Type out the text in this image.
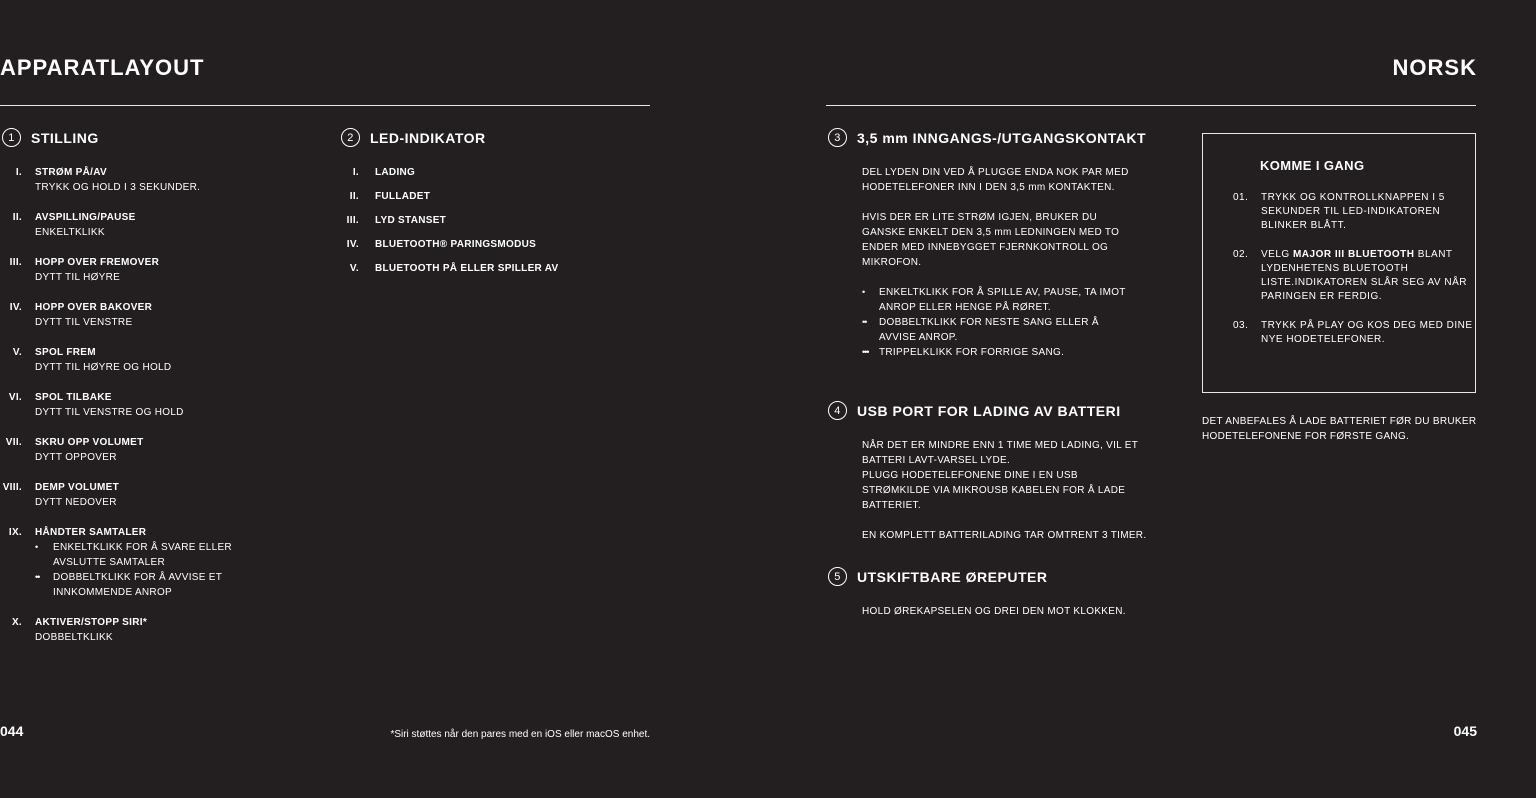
APPARATLAYOUT
1	STILLING
I. STRØM PÅ/AV
TRYKK OG HOLD I 3 SEKUNDER.
II. AVSPILLING/PAUSE
ENKELTKLIKK
III. HOPP OVER FREMOVER
DYTT TIL HØYRE
IV. HOPP OVER BAKOVER
DYTT TIL VENSTRE
V. SPOL FREM
DYTT TIL HØYRE OG HOLD
VI. SPOL TILBAKE
DYTT TIL VENSTRE OG HOLD
VII. SKRU OPP VOLUMET
DYTT OPPOVER
VIII. DEMP VOLUMET
DYTT NEDOVER
IX. HÅNDTER SAMTALER
• ENKELTKLIKK FOR Å SVARE ELLER AVSLUTTE SAMTALER
•• DOBBELTKLIKK FOR Å AVVISE ET INNKOMMENDE ANROP
X. AKTIVER/STOPP SIRI*
DOBBELTKLIKK
2	LED-INDIKATOR
I. LADING
II. FULLADET
III. LYD STANSET
IV. BLUETOOTH® PARINGSMODUS
V. BLUETOOTH PÅ ELLER SPILLER AV
044	*Siri støttes når den pares med en iOS eller macOS enhet.
NORSK
3	3,5 mm INNGANGS-/UTGANGSKONTAKT

DEL LYDEN DIN VED Å PLUGGE ENDA NOK PAR MED HODETELEFONER INN I DEN 3,5 mm KONTAKTEN.

HVIS DER ER LITE STRØM IGJEN, BRUKER DU GANSKE ENKELT DEN 3,5 mm LEDNINGEN MED TO ENDER MED INNEBYGGET FJERNKONTROLL OG MIKROFON.

• ENKELTKLIKK FOR Å SPILLE AV, PAUSE, TA IMOT ANROP ELLER HENGE PÅ RØRET.
•• DOBBELTKLIKK FOR NESTE SANG ELLER Å AVVISE ANROP.
••• TRIPPELKLIKK FOR FORRIGE SANG.
4	USB PORT FOR LADING AV BATTERI

NÅR DET ER MINDRE ENN 1 TIME MED LADING, VIL ET BATTERI LAVT-VARSEL LYDE.

PLUGG HODETELEFONENE DINE I EN USB STRØMKILDE VIA MIKROUSB KABELEN FOR Å LADE BATTERIET.

EN KOMPLETT BATTERILADING TAR OMTRENT 3 TIMER.

5	UTSKIFTBARE ØREPUTER

HOLD ØREKAPSELEN OG DREI DEN MOT KLOKKEN.

KOMME I GANG
01. TRYKK OG KONTROLLKNAPPEN I 5 SEKUNDER TIL LED-INDIKATOREN BLINKER BLÅTT.
02. VELG MAJOR III BLUETOOTH BLANT LYDENHETENS BLUETOOTH LISTE.INDIKATOREN SLÅR SEG AV NÅR PARINGEN ER FERDIG.
03. TRYKK PÅ PLAY OG KOS DEG MED DINE NYE HODETELEFONER.
DET ANBEFALES Å LADE BATTERIET FØR DU BRUKER HODETELEFONENE FOR FØRSTE GANG.
045
